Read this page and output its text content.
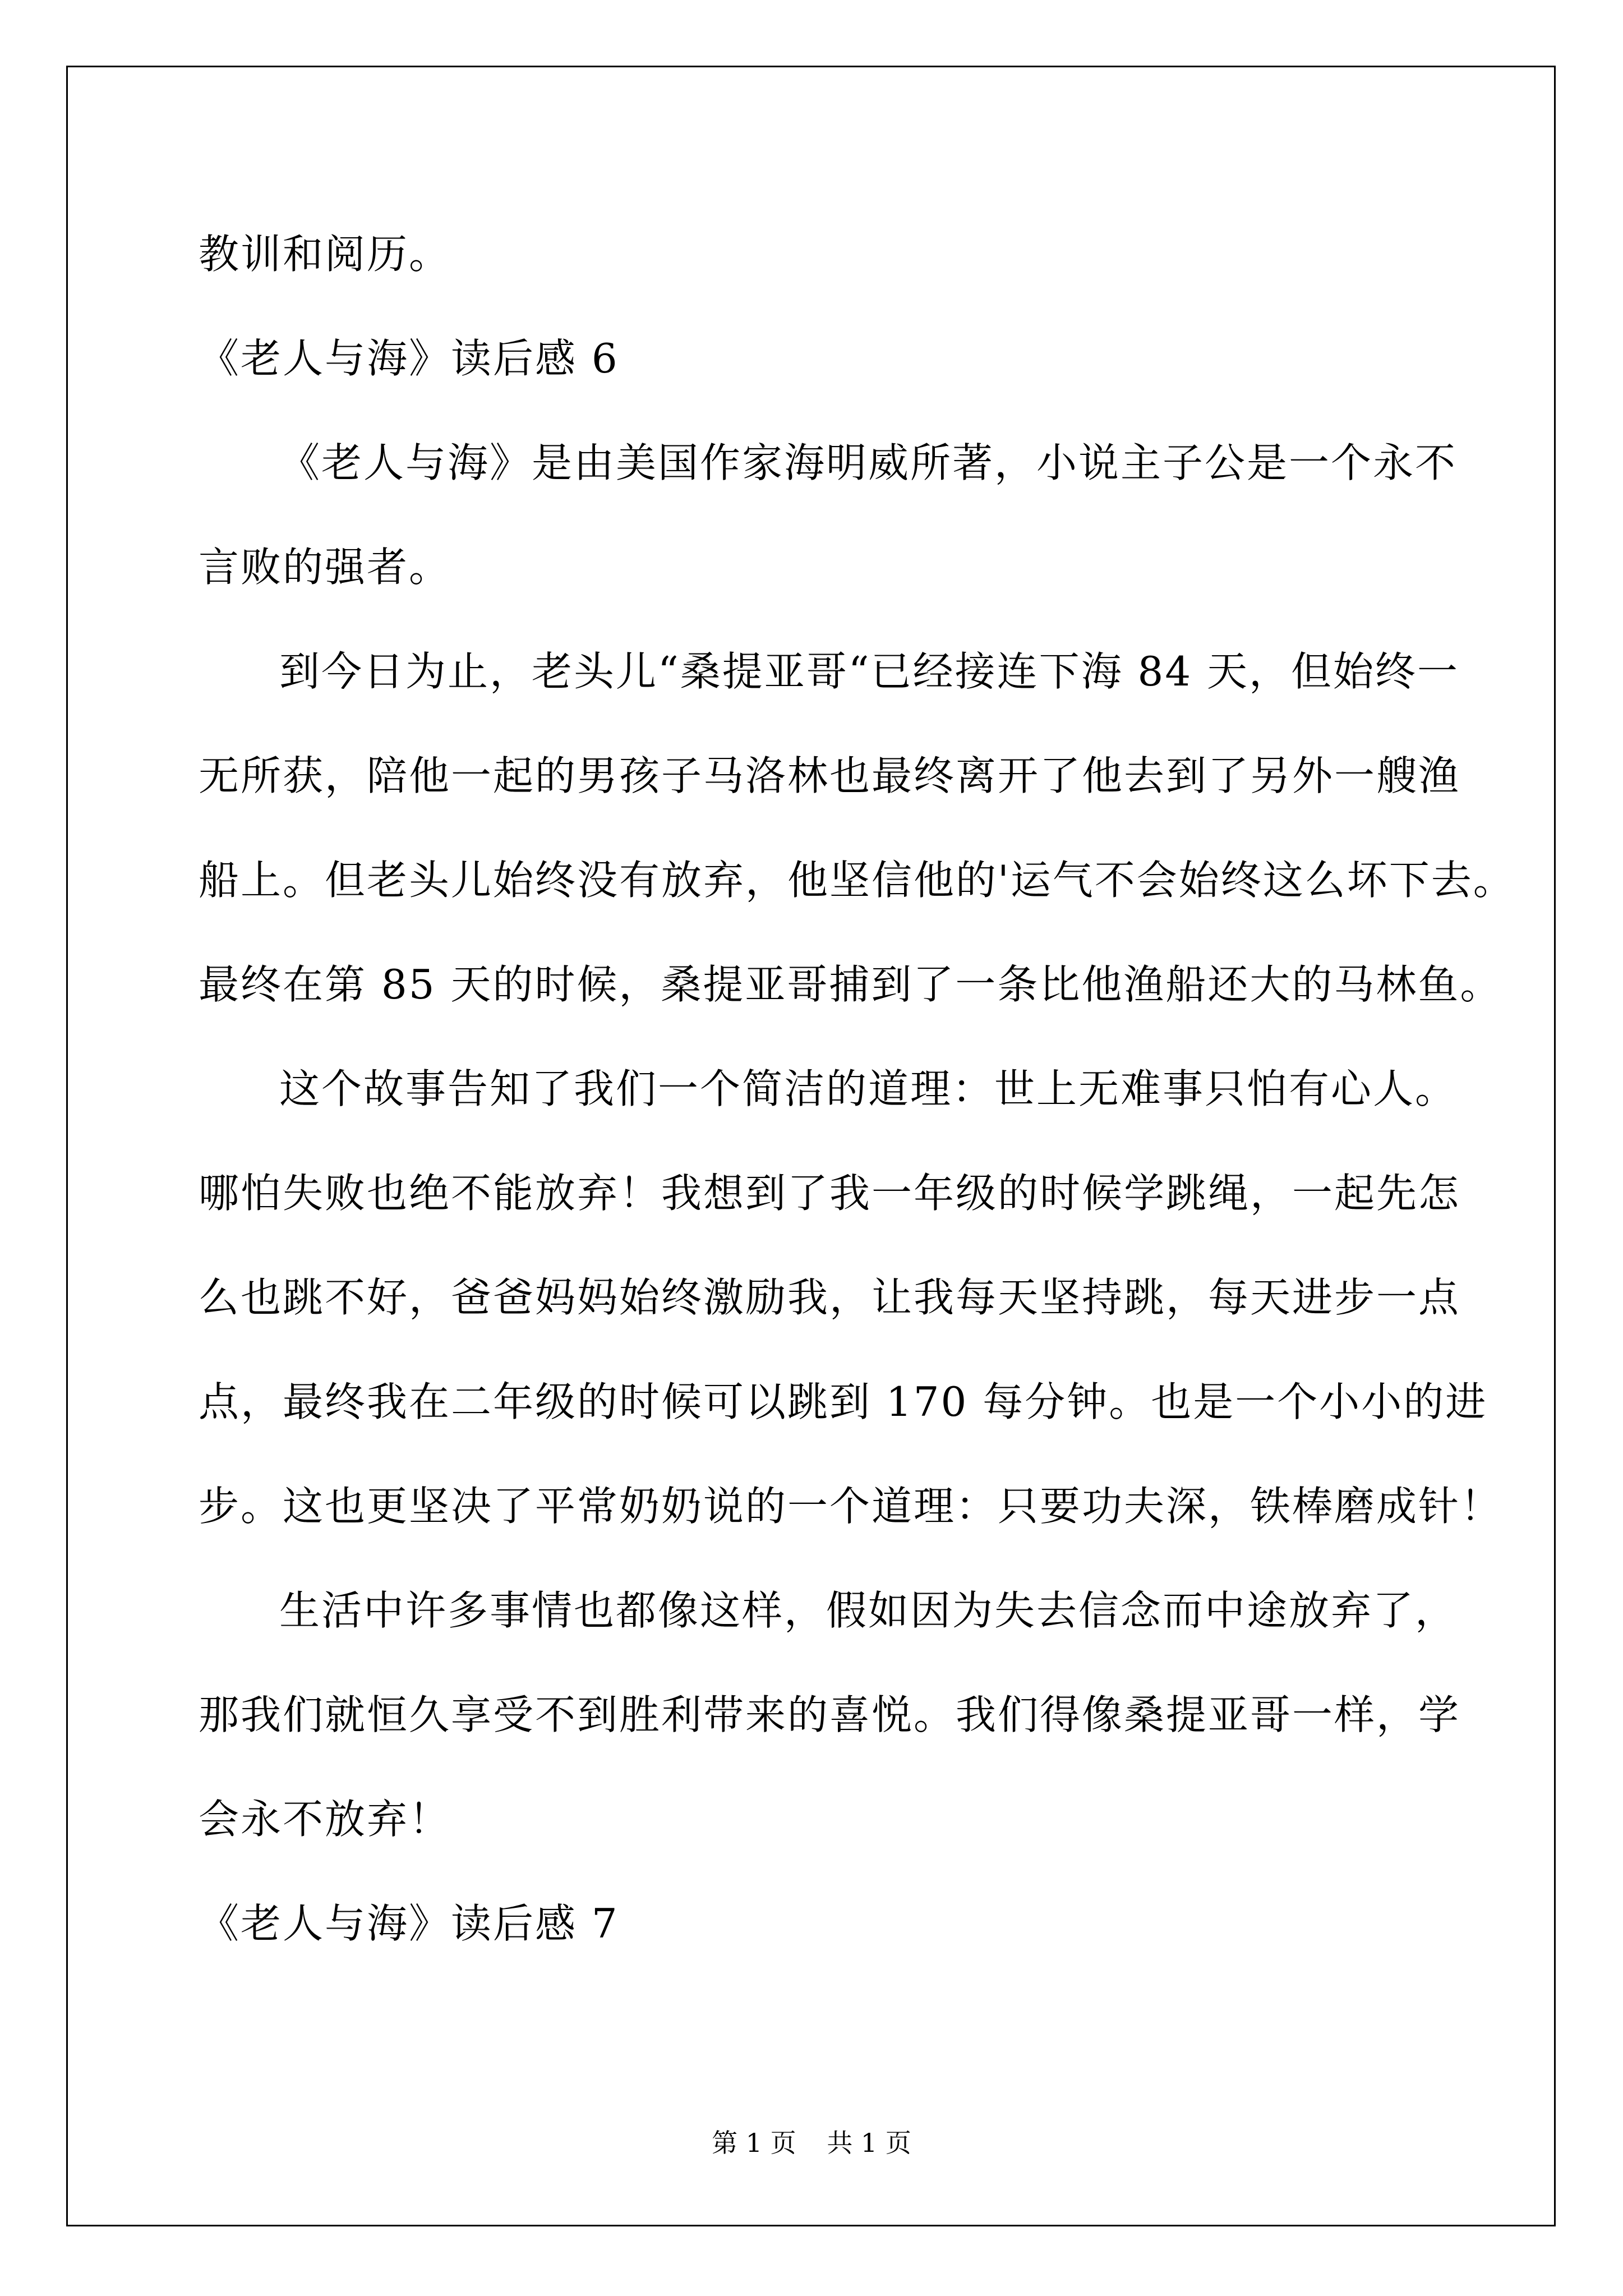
教训和阅历。
《老人与海》读后感 6
《老人与海》是由美国作家海明威所著，小说主子公是一个永不
言败的强者。
到今日为止，老头儿“桑提亚哥“已经接连下海 84 天，但始终一
无所获，陪他一起的男孩子马洛林也最终离开了他去到了另外一艘渔
船上。但老头儿始终没有放弃，他坚信他的'运气不会始终这么坏下去。
最终在第 85 天的时候，桑提亚哥捕到了一条比他渔船还大的马林鱼。
这个故事告知了我们一个简洁的道理：世上无难事只怕有心人。
哪怕失败也绝不能放弃！我想到了我一年级的时候学跳绳，一起先怎
么也跳不好，爸爸妈妈始终激励我，让我每天坚持跳，每天进步一点
点，最终我在二年级的时候可以跳到 170 每分钟。也是一个小小的进
步。这也更坚决了平常奶奶说的一个道理：只要功夫深，铁棒磨成针！
生活中许多事情也都像这样，假如因为失去信念而中途放弃了，
那我们就恒久享受不到胜利带来的喜悦。我们得像桑提亚哥一样，学
会永不放弃！
《老人与海》读后感 7
第 1 页 共 1 页
